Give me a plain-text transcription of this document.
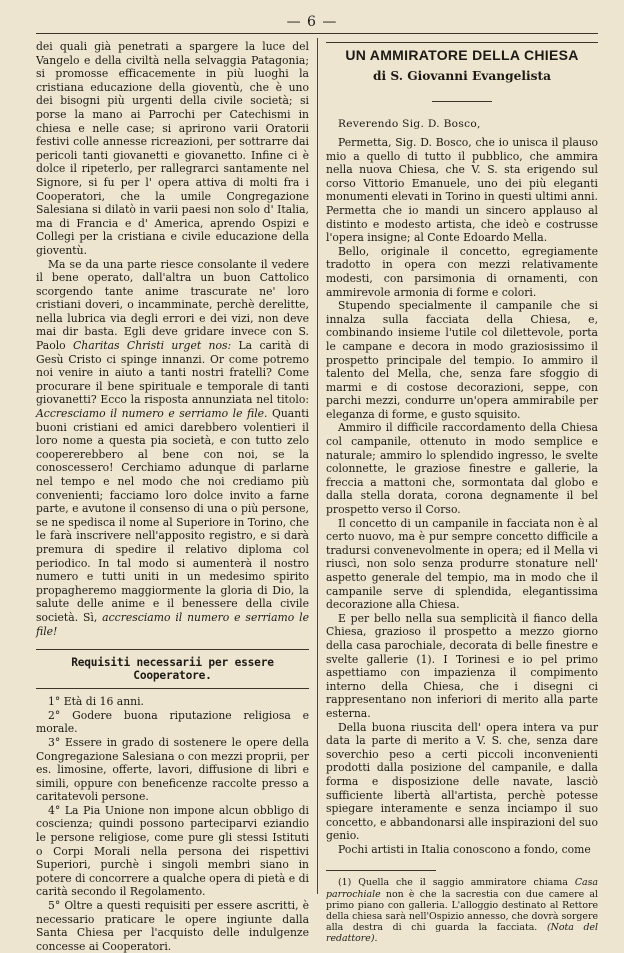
— 6 —

dei quali già penetrati a spargere la luce del Vangelo e della civiltà nella selvaggia Patagonia; si promosse efficacemente in più luoghi la cristiana educazione della gioventù, che è uno dei bisogni più urgenti della civile società; si porse la mano ai Parrochi per Catechismi in chiesa e nelle case; si aprirono varii Oratorii festivi colle annesse ricreazioni, per sottrarre dai pericoli tanti giovanetti e giovanetto. Infine ci è dolce il ripeterlo, per rallegrarci santamente nel Signore, si fu per l' opera attiva di molti fra i Cooperatori, che la umile Congregazione Salesiana si dilatò in varii paesi non solo d' Italia, ma di Francia e d' America, aprendo Ospizi e Collegi per la cristiana e civile educazione della gioventù.

Ma se da una parte riesce consolante il vedere il bene operato, dall'altra un buon Cattolico scorgendo tante anime trascurate ne' loro cristiani doveri, o incamminate, perchè derelitte, nella lubrica via degli errori e dei vizi, non deve mai dir basta. Egli deve gridare invece con S. Paolo Charitas Christi urget nos: La carità di Gesù Cristo ci spinge innanzi. Or come potremo noi venire in aiuto a tanti nostri fratelli? Come procurare il bene spirituale e temporale di tanti giovanetti? Ecco la risposta annunziata nel titolo: Accresciamo il numero e serriamo le file. Quanti buoni cristiani ed amici darebbero volentieri il loro nome a questa pia società, e con tutto zelo coopererebbero al bene con noi, se la conoscessero! Cerchiamo adunque di parlarne nel tempo e nel modo che noi crediamo più convenienti; facciamo loro dolce invito a farne parte, e avutone il consenso di una o più persone, se ne spedisca il nome al Superiore in Torino, che le farà inscrivere nell'apposito registro, e si darà premura di spedire il relativo diploma col periodico. In tal modo si aumenterà il nostro numero e tutti uniti in un medesimo spirito propagheremo maggiormente la gloria di Dio, la salute delle anime e il benessere della civile società. Sì, accresciamo il numero e serriamo le file!

Requisiti necessarii per essere Cooperatore.

1° Età di 16 anni.

2° Godere buona riputazione religiosa e morale.

3° Essere in grado di sostenere le opere della Congregazione Salesiana o con mezzi proprii, per es. limosine, offerte, lavori, diffusione di libri e simili, oppure con beneficenze raccolte presso a caritatevoli persone.

4° La Pia Unione non impone alcun obbligo di coscienza; quindi possono parteciparvi eziandio le persone religiose, come pure gli stessi Istituti o Corpi Morali nella persona dei rispettivi Superiori, purchè i singoli membri siano in potere di concorrere a qualche opera di pietà e di carità secondo il Regolamento.

5° Oltre a questi requisiti per essere ascritti, è necessario praticare le opere ingiunte dalla Santa Chiesa per l'acquisto delle indulgenze concesse ai Cooperatori.

UN AMMIRATORE DELLA CHIESA
di S. Giovanni Evangelista
Reverendo Sig. D. Bosco,

Permetta, Sig. D. Bosco, che io unisca il plauso mio a quello di tutto il pubblico, che ammira nella nuova Chiesa, che V. S. sta erigendo sul corso Vittorio Emanuele, uno dei più eleganti monumenti elevati in Torino in questi ultimi anni. Permetta che io mandi un sincero applauso al distinto e modesto artista, che ideò e costrusse l'opera insigne; al Conte Edoardo Mella.

Bello, originale il concetto, egregiamente tradotto in opera con mezzi relativamente modesti, con parsimonia di ornamenti, con ammirevole armonia di forme e colori.

Stupendo specialmente il campanile che si innalza sulla facciata della Chiesa, e, combinando insieme l'utile col dilettevole, porta le campane e decora in modo graziosissimo il prospetto principale del tempio. Io ammiro il talento del Mella, che, senza fare sfoggio di marmi e di costose decorazioni, seppe, con parchi mezzi, condurre un'opera ammirabile per eleganza di forme, e gusto squisito.

Ammiro il difficile raccordamento della Chiesa col campanile, ottenuto in modo semplice e naturale; ammiro lo splendido ingresso, le svelte colonnette, le graziose finestre e gallerie, la freccia a mattoni che, sormontata dal globo e dalla stella dorata, corona degnamente il bel prospetto verso il Corso.

Il concetto di un campanile in facciata non è al certo nuovo, ma è pur sempre concetto difficile a tradursi convenevolmente in opera; ed il Mella vi riuscì, non solo senza produrre stonature nell' aspetto generale del tempio, ma in modo che il campanile serve di splendida, elegantissima decorazione alla Chiesa.

E per bello nella sua semplicità il fianco della Chiesa, grazioso il prospetto a mezzo giorno della casa parochiale, decorata di belle finestre e svelte gallerie (1). I Torinesi e io pel primo aspettiamo con impazienza il compimento interno della Chiesa, che i disegni ci rappresentano non inferiori di merito alla parte esterna.

Della buona riuscita dell' opera intera va pur data la parte di merito a V. S. che, senza dare soverchio peso a certi piccoli inconvenienti prodotti dalla posizione del campanile, e dalla forma e disposizione delle navate, lasciò sufficiente libertà all'artista, perchè potesse spiegare interamente e senza inciampo il suo concetto, e abbandonarsi alle inspirazioni del suo genio.

Pochi artisti in Italia conoscono a fondo, come

(1) Quella che il saggio ammiratore chiama Casa parrochiale non è che la sacrestia con due camere al primo piano con galleria. L'alloggio destinato al Rettore della chiesa sarà nell'Ospizio annesso, che dovrà sorgere alla destra di chi guarda la facciata. (Nota del redattore).
